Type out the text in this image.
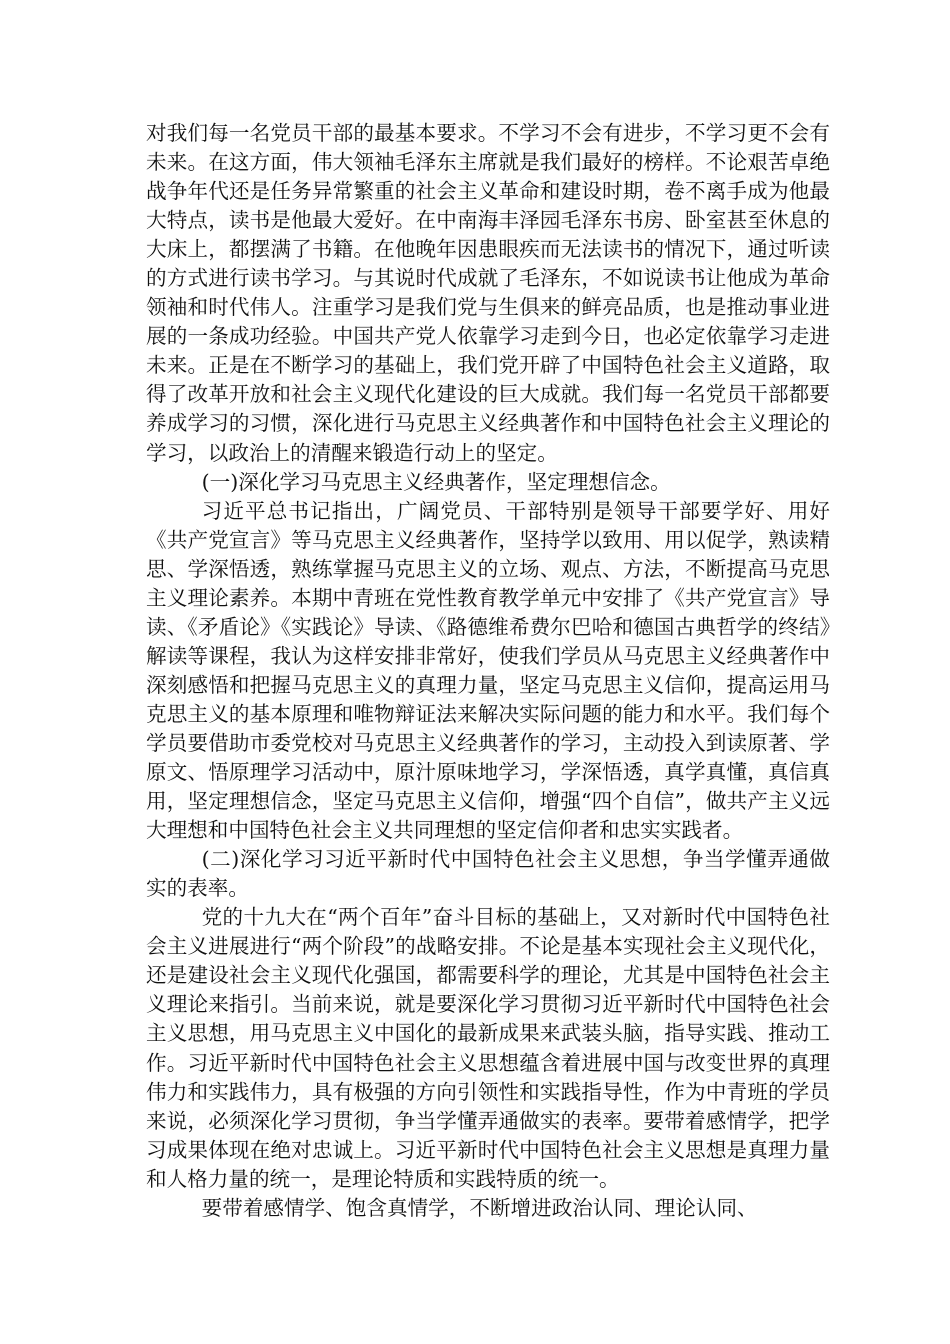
对我们每一名党员干部的最基本要求。不学习不会有进步，不学习更不会有未来。在这方面，伟大领袖毛泽东主席就是我们最好的榜样。不论艰苦卓绝战争年代还是任务异常繁重的社会主义革命和建设时期，卷不离手成为他最大特点，读书是他最大爱好。在中南海丰泽园毛泽东书房、卧室甚至休息的大床上，都摆满了书籍。在他晚年因患眼疾而无法读书的情况下，通过听读的方式进行读书学习。与其说时代成就了毛泽东，不如说读书让他成为革命领袖和时代伟人。注重学习是我们党与生俱来的鲜亮品质，也是推动事业进展的一条成功经验。中国共产党人依靠学习走到今日，也必定依靠学习走进未来。正是在不断学习的基础上，我们党开辟了中国特色社会主义道路，取得了改革开放和社会主义现代化建设的巨大成就。我们每一名党员干部都要养成学习的习惯，深化进行马克思主义经典著作和中国特色社会主义理论的学习，以政治上的清醒来锻造行动上的坚定。

(一)深化学习马克思主义经典著作，坚定理想信念。

习近平总书记指出，广阔党员、干部特别是领导干部要学好、用好《共产党宣言》等马克思主义经典著作，坚持学以致用、用以促学，熟读精思、学深悟透，熟练掌握马克思主义的立场、观点、方法，不断提高马克思主义理论素养。本期中青班在党性教育教学单元中安排了《共产党宣言》导读、《矛盾论》《实践论》导读、《路德维希费尔巴哈和德国古典哲学的终结》解读等课程，我认为这样安排非常好，使我们学员从马克思主义经典著作中深刻感悟和把握马克思主义的真理力量，坚定马克思主义信仰，提高运用马克思主义的基本原理和唯物辩证法来解决实际问题的能力和水平。我们每个学员要借助市委党校对马克思主义经典著作的学习，主动投入到读原著、学原文、悟原理学习活动中，原汁原味地学习，学深悟透，真学真懂，真信真用，坚定理想信念，坚定马克思主义信仰，增强“四个自信”，做共产主义远大理想和中国特色社会主义共同理想的坚定信仰者和忠实实践者。

(二)深化学习习近平新时代中国特色社会主义思想，争当学懂弄通做实的表率。

党的十九大在“两个百年”奋斗目标的基础上，又对新时代中国特色社会主义进展进行“两个阶段”的战略安排。不论是基本实现社会主义现代化，还是建设社会主义现代化强国，都需要科学的理论，尤其是中国特色社会主义理论来指引。当前来说，就是要深化学习贯彻习近平新时代中国特色社会主义思想，用马克思主义中国化的最新成果来武装头脑，指导实践、推动工作。习近平新时代中国特色社会主义思想蕴含着进展中国与改变世界的真理伟力和实践伟力，具有极强的方向引领性和实践指导性，作为中青班的学员来说，必须深化学习贯彻，争当学懂弄通做实的表率。要带着感情学，把学习成果体现在绝对忠诚上。习近平新时代中国特色社会主义思想是真理力量和人格力量的统一，是理论特质和实践特质的统一。

要带着感情学、饱含真情学，不断增进政治认同、理论认同、
